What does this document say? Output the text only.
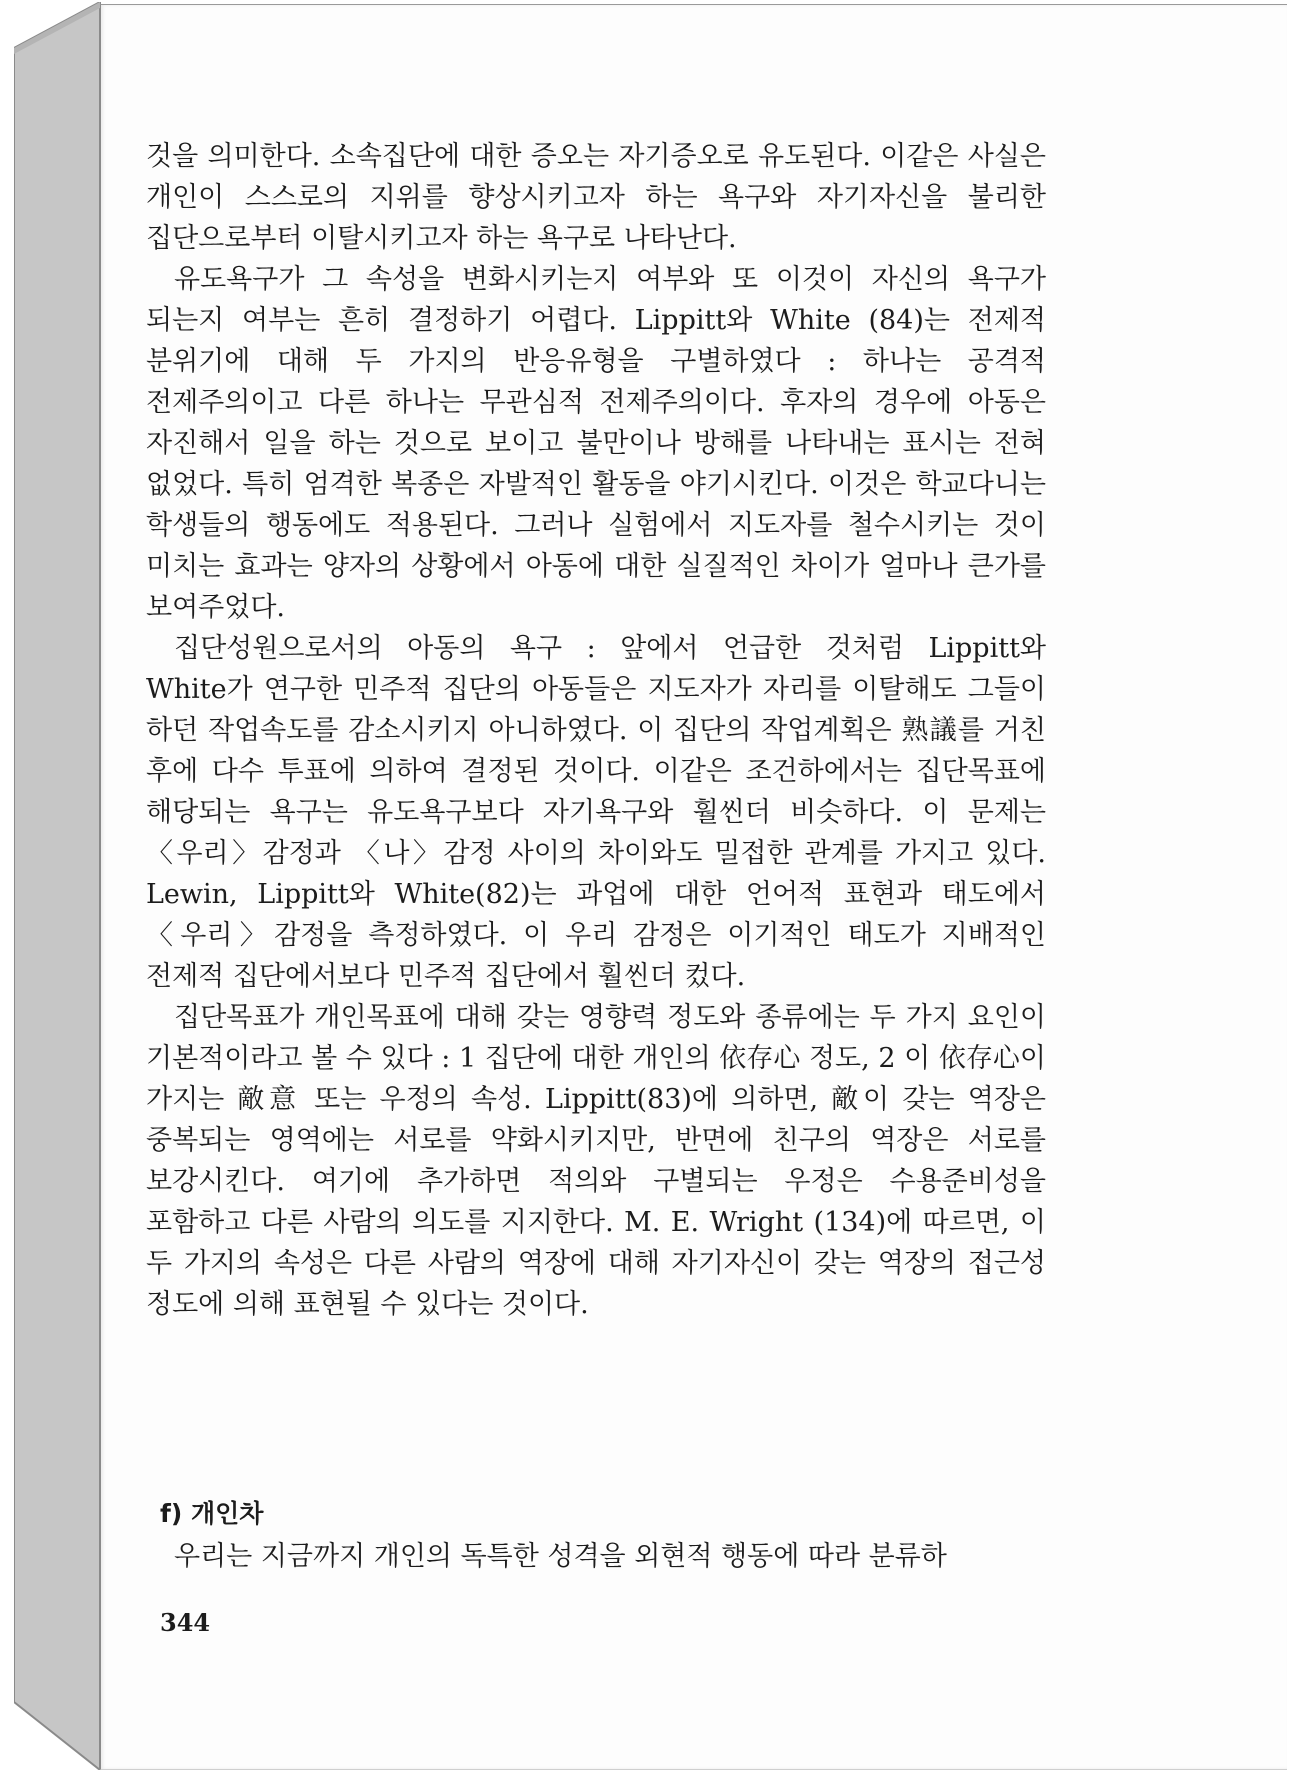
것을 의미한다. 소속집단에 대한 증오는 자기증오로 유도된다. 이같은 사실은 개인이 스스로의 지위를 향상시키고자 하는 욕구와 자기자신을 불리한 집단으로부터 이탈시키고자 하는 욕구로 나타난다.

유도욕구가 그 속성을 변화시키는지 여부와 또 이것이 자신의 욕구가 되는지 여부는 흔히 결정하기 어렵다. Lippitt와 White (84)는 전제적 분위기에 대해 두 가지의 반응유형을 구별하였다 : 하나는 공격적 전제주의이고 다른 하나는 무관심적 전제주의이다. 후자의 경우에 아동은 자진해서 일을 하는 것으로 보이고 불만이나 방해를 나타내는 표시는 전혀 없었다. 특히 엄격한 복종은 자발적인 활동을 야기시킨다. 이것은 학교다니는 학생들의 행동에도 적용된다. 그러나 실험에서 지도자를 철수시키는 것이 미치는 효과는 양자의 상황에서 아동에 대한 실질적인 차이가 얼마나 큰가를 보여주었다.

집단성원으로서의 아동의 욕구 : 앞에서 언급한 것처럼 Lippitt와 White가 연구한 민주적 집단의 아동들은 지도자가 자리를 이탈해도 그들이 하던 작업속도를 감소시키지 아니하였다. 이 집단의 작업계획은 熟議를 거친 후에 다수 투표에 의하여 결정된 것이다. 이같은 조건하에서는 집단목표에 해당되는 욕구는 유도욕구보다 자기욕구와 훨씬더 비슷하다. 이 문제는 〈우리〉감정과 〈나〉감정 사이의 차이와도 밀접한 관계를 가지고 있다. Lewin, Lippitt와 White(82)는 과업에 대한 언어적 표현과 태도에서 〈우리〉감정을 측정하였다. 이 우리 감정은 이기적인 태도가 지배적인 전제적 집단에서보다 민주적 집단에서 훨씬더 컸다.

집단목표가 개인목표에 대해 갖는 영향력 정도와 종류에는 두 가지 요인이 기본적이라고 볼 수 있다 : 1 집단에 대한 개인의 依存心 정도, 2 이 依存心이 가지는 敵意 또는 우정의 속성. Lippitt(83)에 의하면, 敵이 갖는 역장은 중복되는 영역에는 서로를 약화시키지만, 반면에 친구의 역장은 서로를 보강시킨다. 여기에 추가하면 적의와 구별되는 우정은 수용준비성을 포함하고 다른 사람의 의도를 지지한다. M. E. Wright (134)에 따르면, 이 두 가지의 속성은 다른 사람의 역장에 대해 자기자신이 갖는 역장의 접근성 정도에 의해 표현될 수 있다는 것이다.

f) 개인차

우리는 지금까지 개인의 독특한 성격을 외현적 행동에 따라 분류하

344
